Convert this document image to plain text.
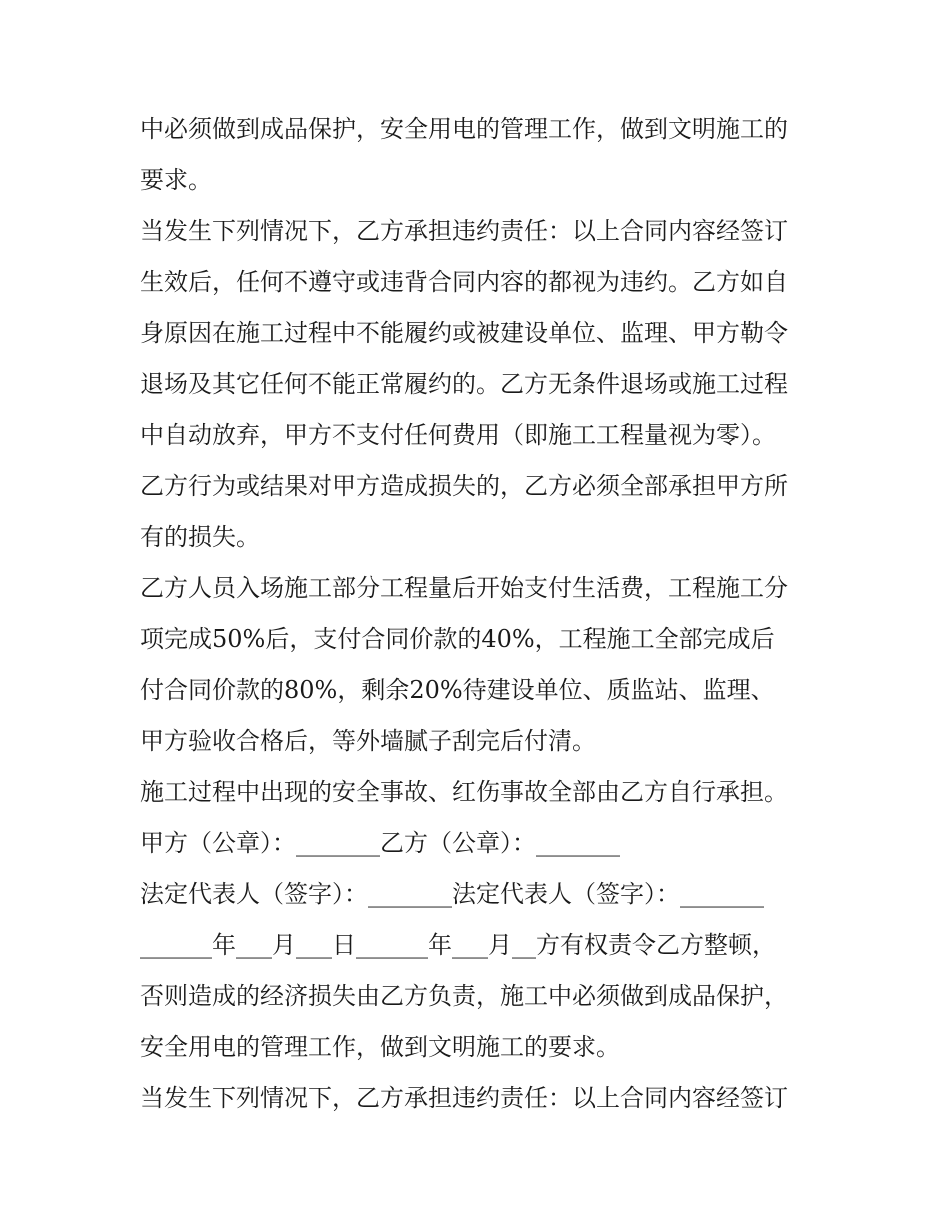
中必须做到成品保护，安全用电的管理工作，做到文明施工的
要求。
当发生下列情况下，乙方承担违约责任：以上合同内容经签订
生效后，任何不遵守或违背合同内容的都视为违约。乙方如自
身原因在施工过程中不能履约或被建设单位、监理、甲方勒令
退场及其它任何不能正常履约的。乙方无条件退场或施工过程
中自动放弃，甲方不支付任何费用（即施工工程量视为零）。
乙方行为或结果对甲方造成损失的，乙方必须全部承担甲方所
有的损失。
乙方人员入场施工部分工程量后开始支付生活费，工程施工分
项完成50%后，支付合同价款的40%，工程施工全部完成后
付合同价款的80%，剩余20%待建设单位、质监站、监理、
甲方验收合格后，等外墙腻子刮完后付清。
施工过程中出现的安全事故、红伤事故全部由乙方自行承担。
甲方（公章）：_______乙方（公章）：_______
法定代表人（签字）：_______法定代表人（签字）：_______
______年___月___日______年___月__方有权责令乙方整顿，
否则造成的经济损失由乙方负责，施工中必须做到成品保护，
安全用电的管理工作，做到文明施工的要求。
当发生下列情况下，乙方承担违约责任：以上合同内容经签订
